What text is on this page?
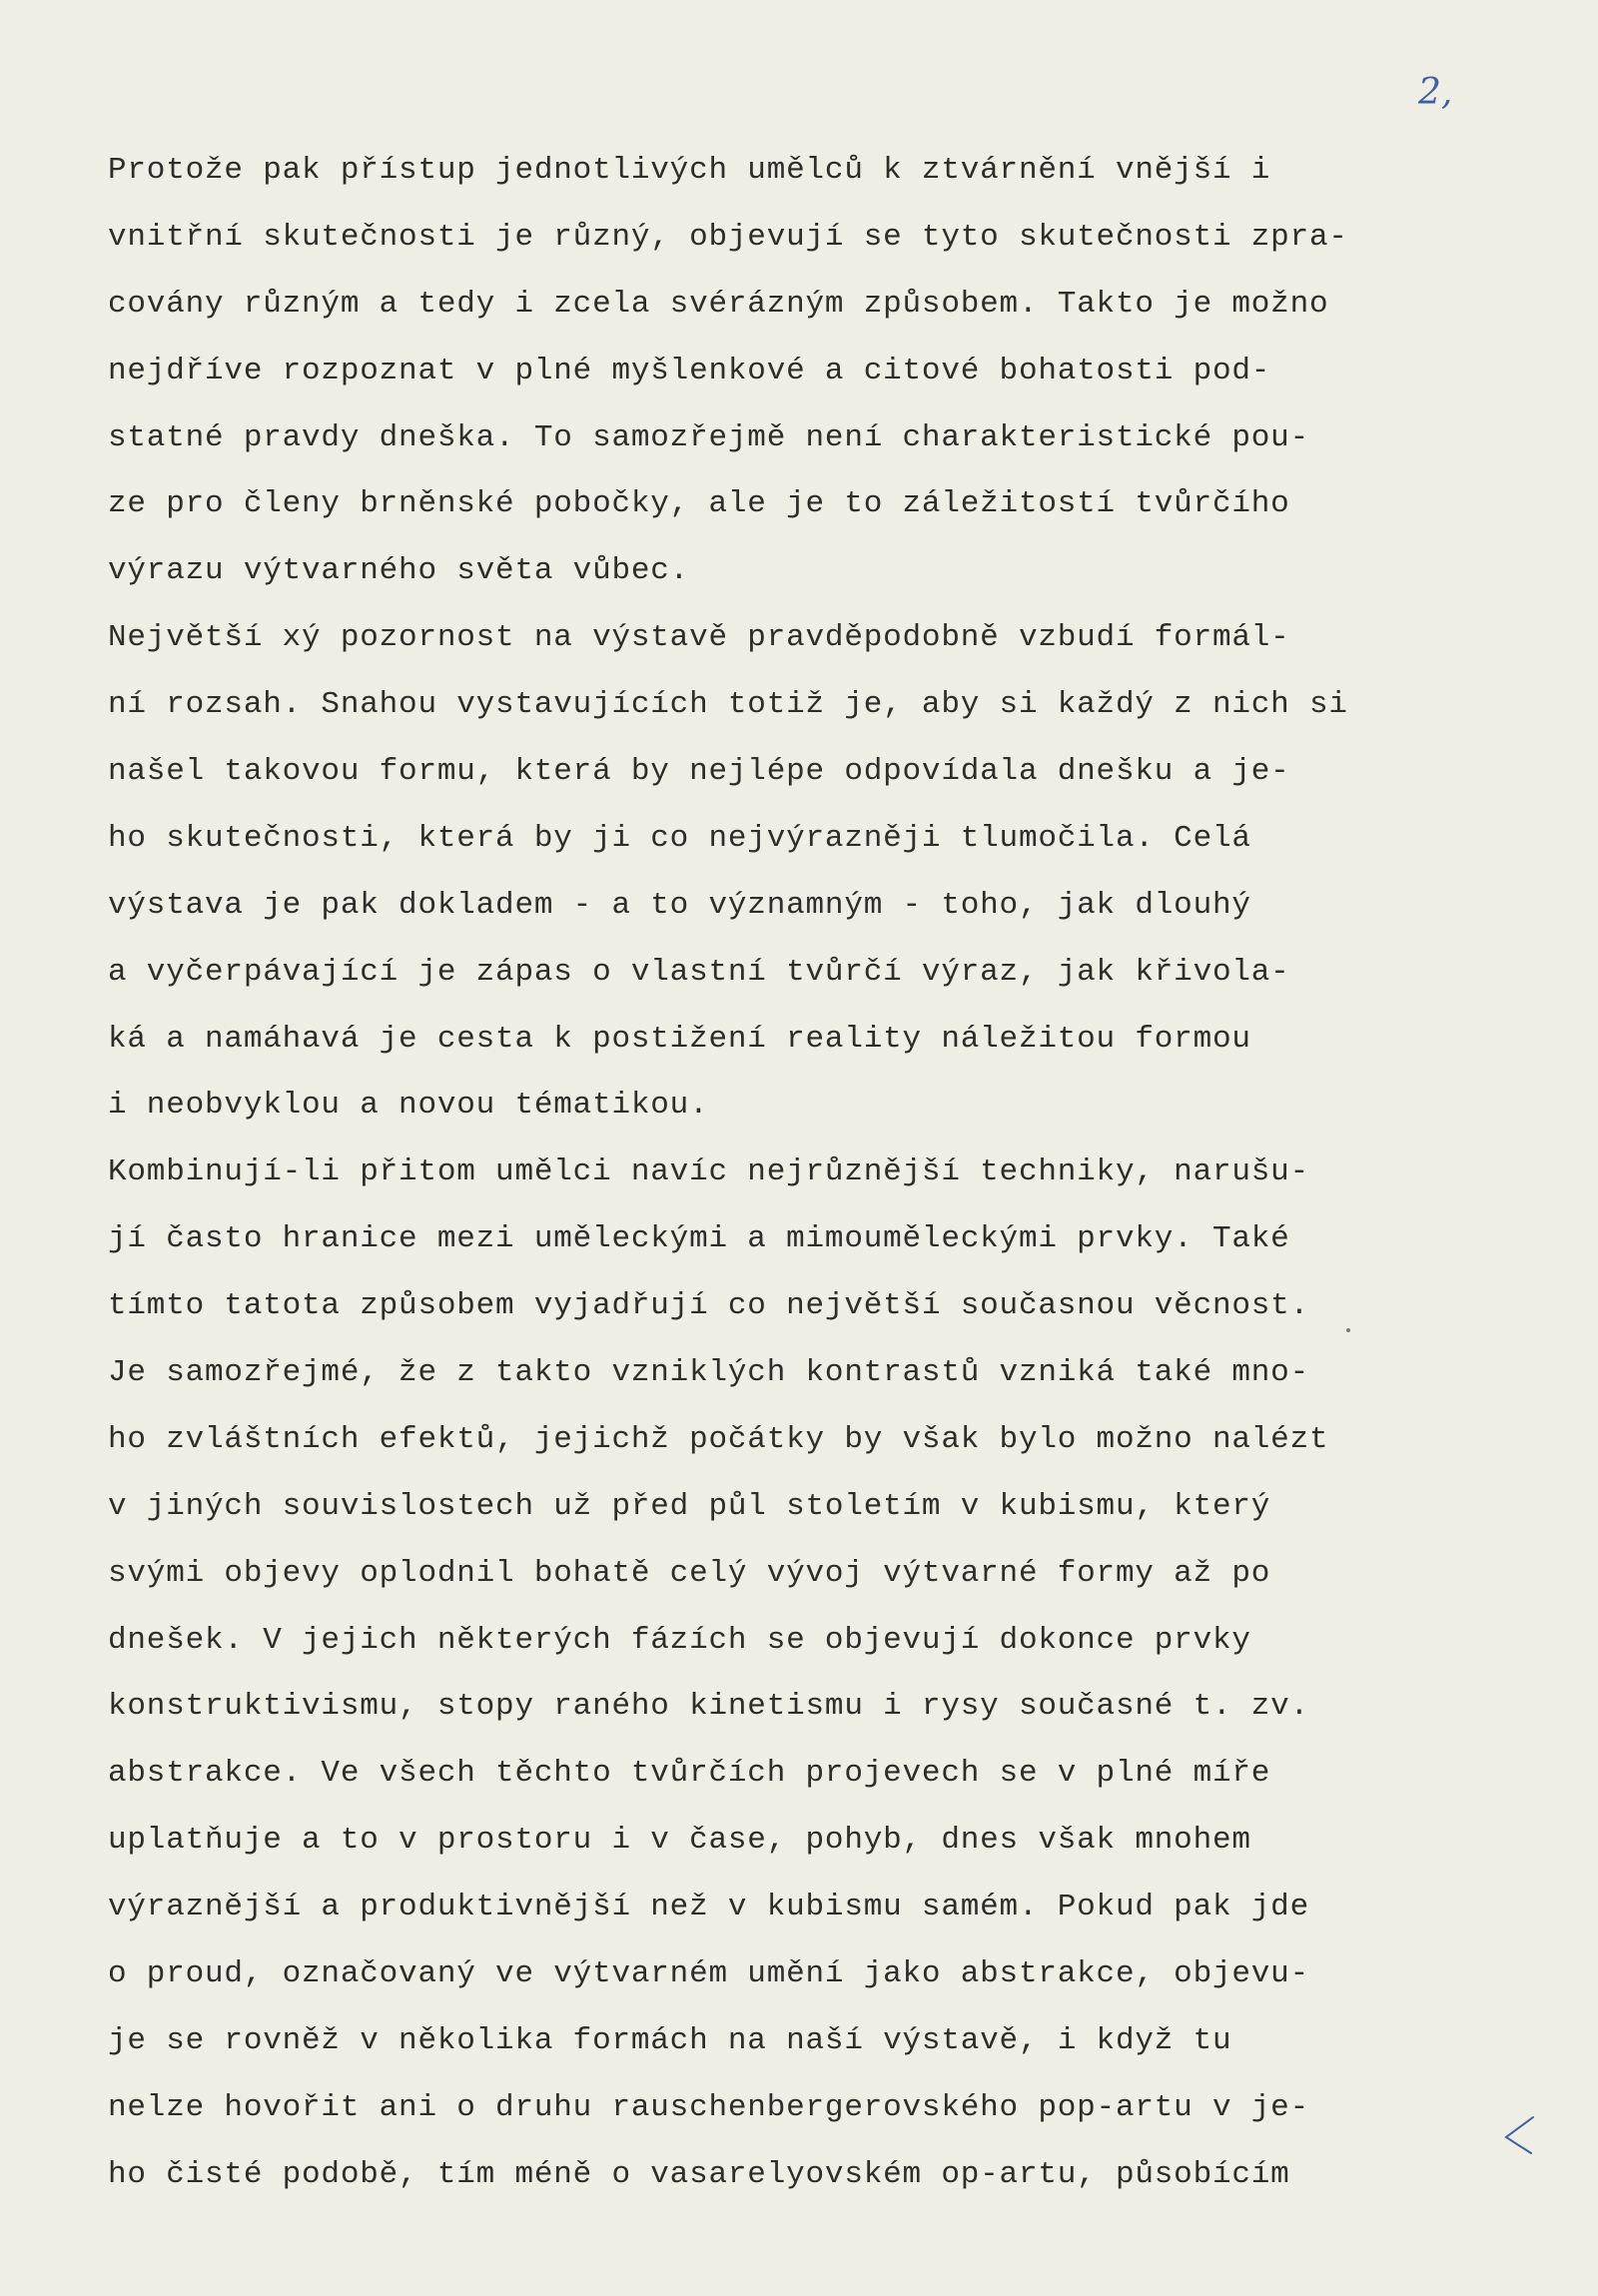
2,
Protože pak přístup jednotlivých umělců k ztvárnění vnější i
vnitřní skutečnosti je různý, objevují se tyto skutečnosti zpra-
covány různým a tedy i zcela svérázným způsobem. Takto je možno
nejdříve rozpoznat v plné myšlenkové a citové bohatosti pod-
statné pravdy dneška. To samozřejmě není charakteristické pou-
ze pro členy brněnské pobočky, ale je to záležitostí tvůrčího
výrazu výtvarného světa vůbec.
Největší xý pozornost na výstavě pravděpodobně vzbudí formál-
ní rozsah. Snahou vystavujících totiž je, aby si každý z nich si
našel takovou formu, která by nejlépe odpovídala dnešku a je-
ho skutečnosti, která by ji co nejvýrazněji tlumočila. Celá
výstava je pak dokladem - a to významným - toho, jak dlouhý
a vyčerpávající je zápas o vlastní tvůrčí výraz, jak křivola-
ká a namáhavá je cesta k postižení reality náležitou formou
i neobvyklou a novou tématikou.
Kombinují-li přitom umělci navíc nejrůznější techniky, narušu-
jí často hranice mezi uměleckými a mimouměleckými prvky. Také
tímto tatota způsobem vyjadřují co největší současnou věcnost.
Je samozřejmé, že z takto vzniklých kontrastů vzniká také mno-
ho zvláštních efektů, jejichž počátky by však bylo možno nalézt
v jiných souvislostech už před půl stoletím v kubismu, který
svými objevy oplodnil bohatě celý vývoj výtvarné formy až po
dnešek. V jejich některých fázích se objevují dokonce prvky
konstruktivismu, stopy raného kinetismu i rysy současné t. zv.
abstrakce. Ve všech těchto tvůrčích projevech se v plné míře
uplatňuje a to v prostoru i v čase, pohyb, dnes však mnohem
výraznější a produktivnější než v kubismu samém. Pokud pak jde
o proud, označovaný ve výtvarném umění jako abstrakce, objevu-
je se rovněž v několika formách na naší výstavě, i když tu
nelze hovořit ani o druhu rauschenbergerovského pop-artu v je-
ho čisté podobě, tím méně o vasarelyovském op-artu, působícím
